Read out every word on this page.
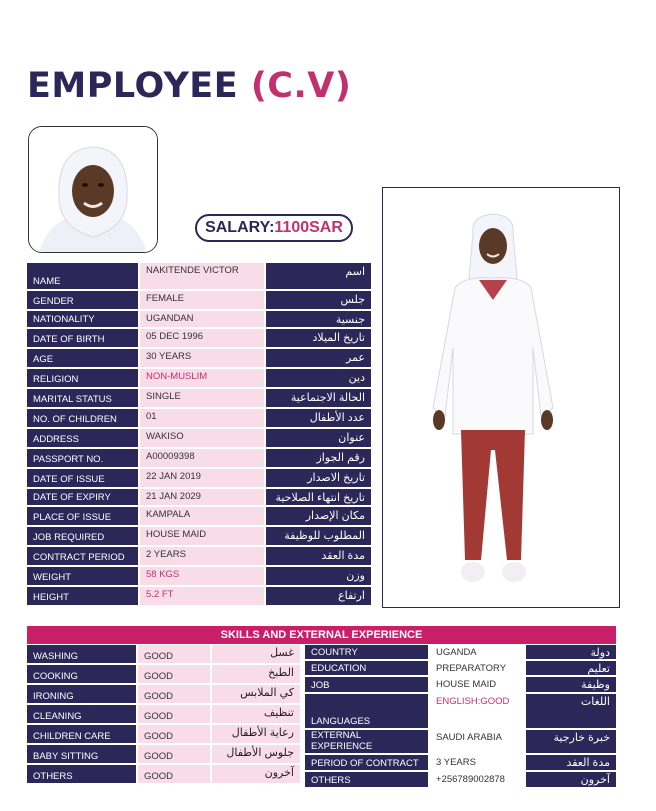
EMPLOYEE (C.V)
SALARY:1100SAR
NAME	NAKITENDE VICTOR	اسم
GENDER	FEMALE	جلس
NATIONALITY	UGANDAN	جنسية
DATE OF BIRTH	05 DEC 1996	تاريخ الميلاد
AGE	30 YEARS	عمر
RELIGION	NON-MUSLIM	دين
MARITAL STATUS	SINGLE	الحالة الاجتماعية
NO. OF CHILDREN	01	عدد الأطفال
ADDRESS	WAKISO	عنوان
PASSPORT NO.	A00009398	رقم الجواز
DATE OF ISSUE	22 JAN 2019	تاريخ الاصدار
DATE OF EXPIRY	21 JAN 2029	تاريخ انتهاء الصلاحية
PLACE OF ISSUE	KAMPALA	مكان الإصدار
JOB REQUIRED	HOUSE MAID	المطلوب للوظيفة
CONTRACT PERIOD	2 YEARS	مدة العقد
WEIGHT	58 KGS	وزن
HEIGHT	5.2 FT	ارتفاع
SKILLS AND EXTERNAL EXPERIENCE
WASHING	GOOD	غسل
COOKING	GOOD	الطبخ
IRONING	GOOD	كي الملابس
CLEANING	GOOD	تنظيف
CHILDREN CARE	GOOD	رعاية الأطفال
BABY SITTING	GOOD	جلوس الأطفال
OTHERS	GOOD	آخرون
COUNTRY	UGANDA	دولة
EDUCATION	PREPARATORY	تعليم
JOB	HOUSE MAID	وظيفة
LANGUAGES	ENGLISH:GOOD	اللغات
EXTERNAL EXPERIENCE	SAUDI ARABIA	خبرة خارجية
PERIOD OF CONTRACT	3 YEARS	مدة العقد
OTHERS	+256789002878	آخرون
